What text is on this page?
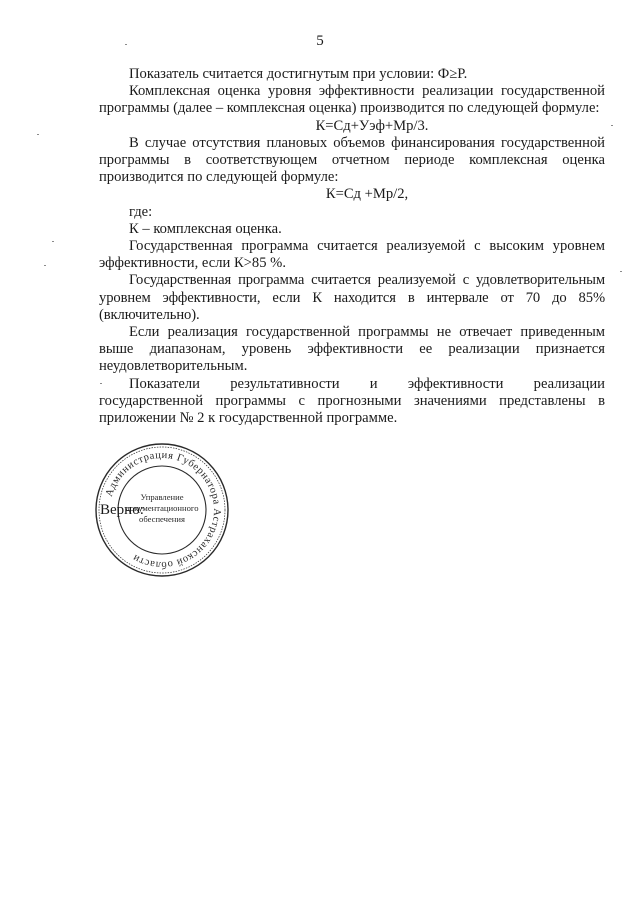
5

Показатель считается достигнутым при условии: Ф≥Р.

Комплексная оценка уровня эффективности реализации государственной программы (далее – комплексная оценка) производится по следующей формуле:

К=Сд+Уэф+Мр/3.

В случае отсутствия плановых объемов финансирования государственной программы в соответствующем отчетном периоде комплексная оценка производится по следующей формуле:

К=Сд +Мр/2,

где:

К – комплексная оценка.

Государственная программа считается реализуемой с высоким уровнем эффективности, если К>85 %.

Государственная программа считается реализуемой с удовлетворительным уровнем эффективности, если К находится в интервале от 70 до 85% (включительно).

Если реализация государственной программы не отвечает приведенным выше диапазонам, уровень эффективности ее реализации признается неудовлетворительным.

Показатели результативности и эффективности реализации государственной программы с прогнозными значениями представлены в приложении № 2 к государственной программе.

Администрация Губернатора Астраханской области
Управление
документационного
обеспечения
Верно:
